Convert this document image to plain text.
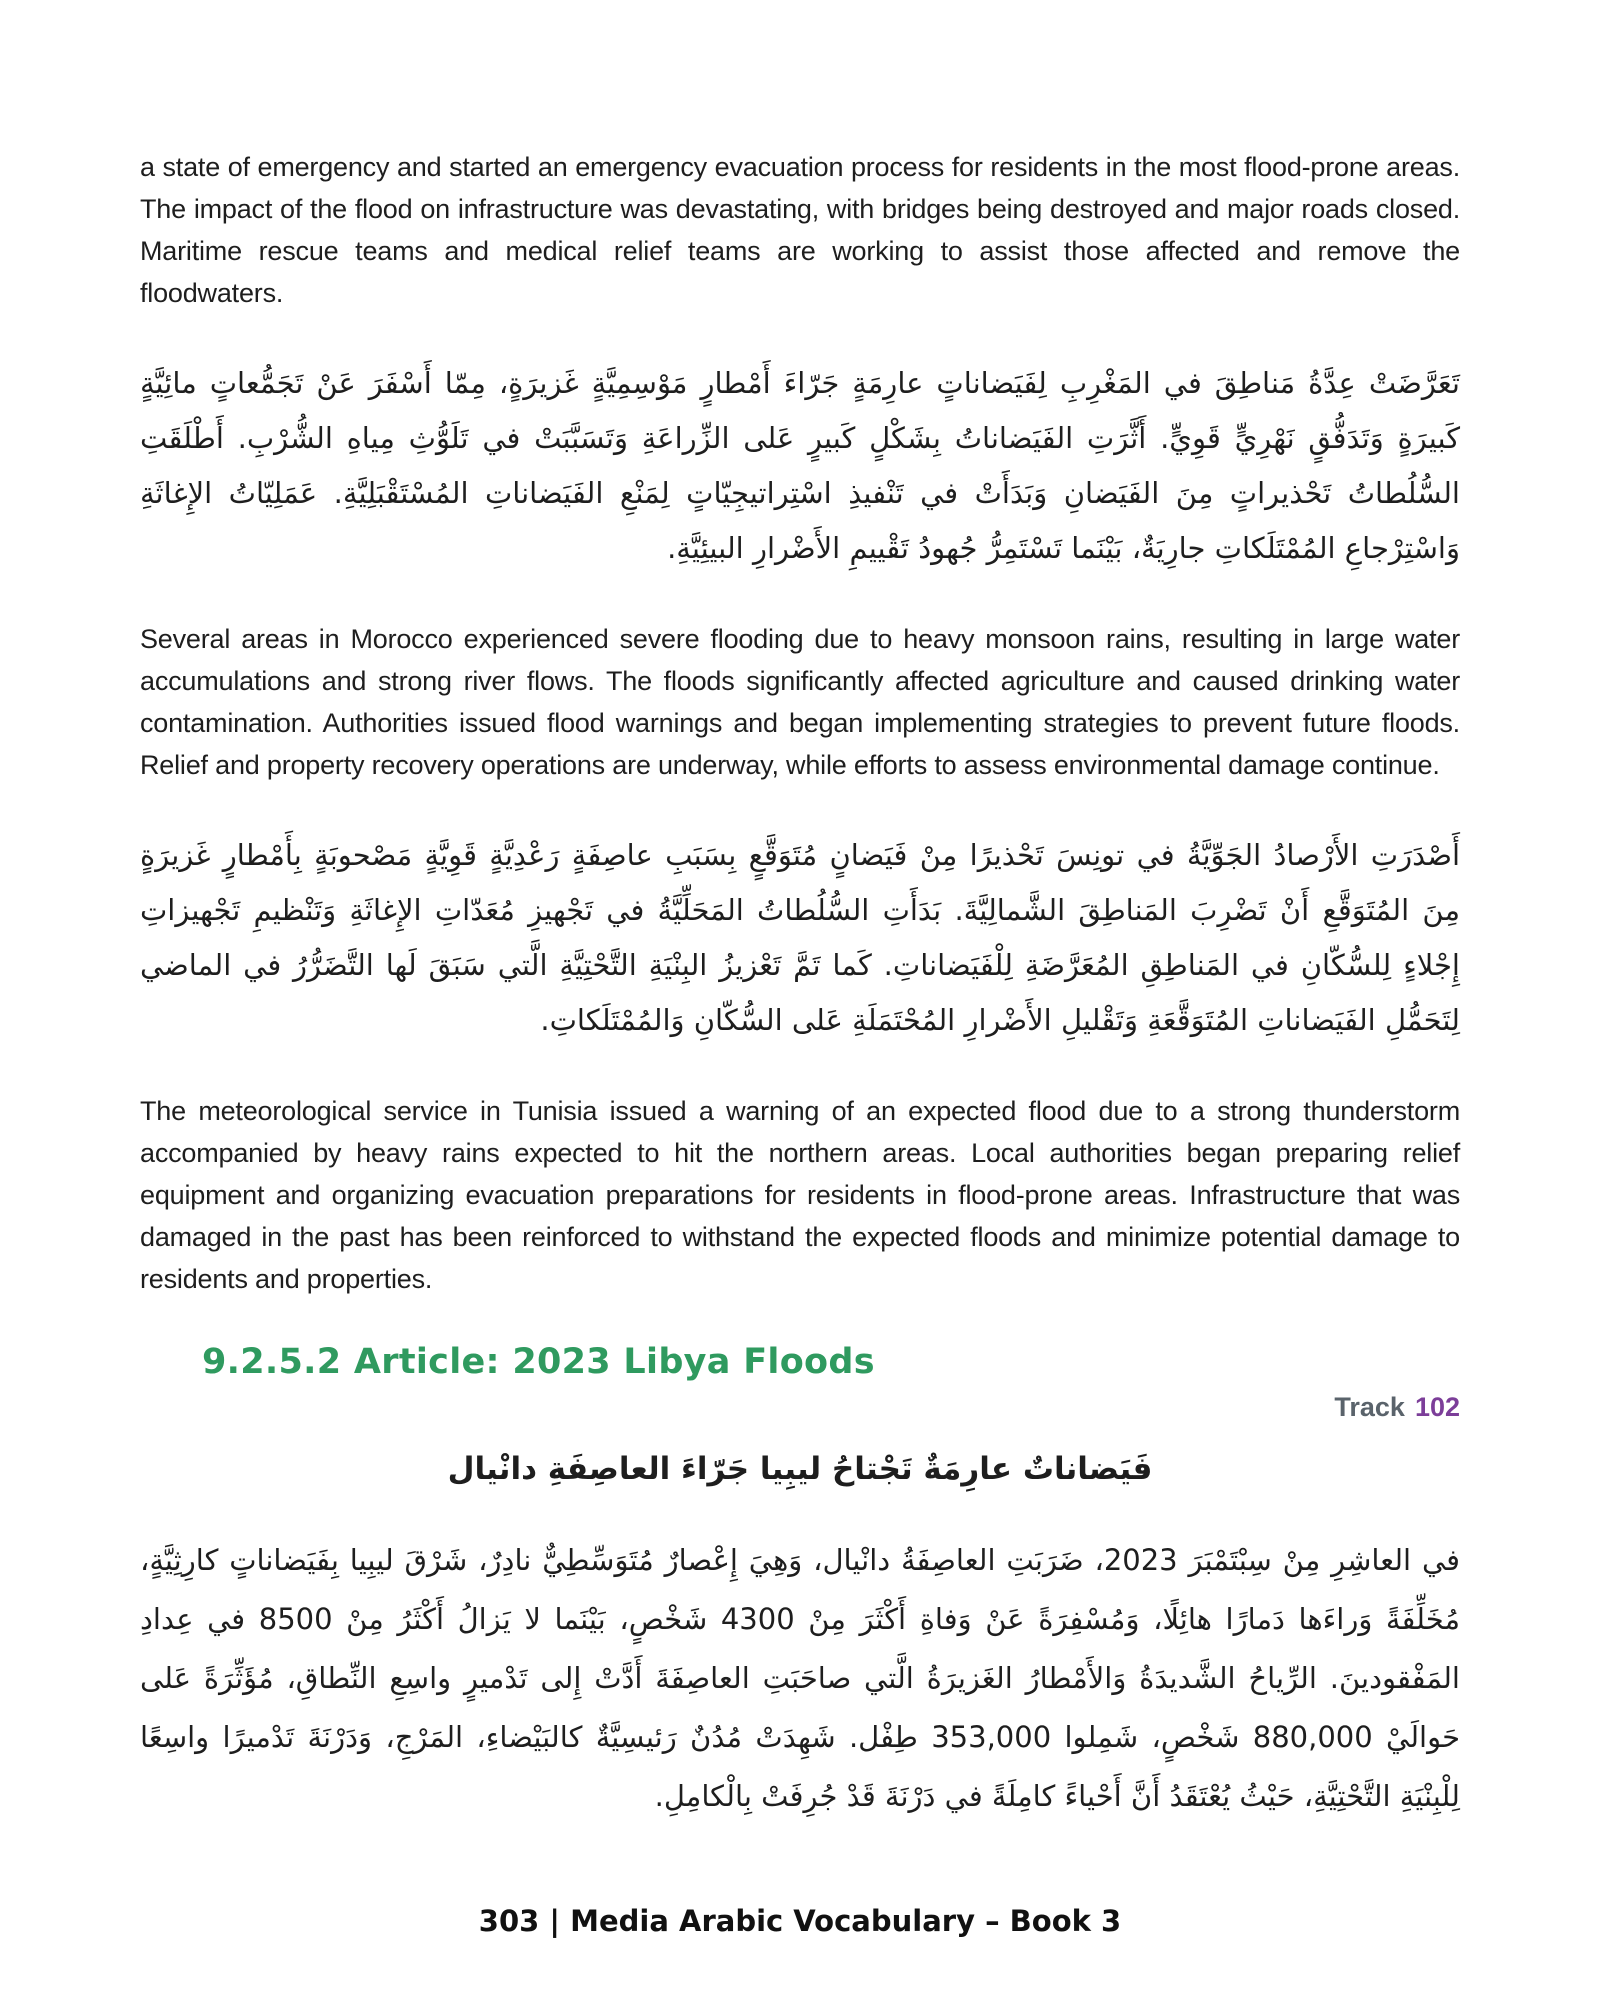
a state of emergency and started an emergency evacuation process for residents in the most flood-prone areas. The impact of the flood on infrastructure was devastating, with bridges being destroyed and major roads closed. Maritime rescue teams and medical relief teams are working to assist those affected and remove the floodwaters.

تَعَرَّضَتْ عِدَّةُ مَناطِقَ في المَغْرِبِ لِفَيَضاناتٍ عارِمَةٍ جَرّاءَ أَمْطارٍ مَوْسِمِيَّةٍ غَزيرَةٍ، مِمّا أَسْفَرَ عَنْ تَجَمُّعاتٍ مائِيَّةٍ كَبيرَةٍ وَتَدَفُّقٍ نَهْرِيٍّ قَوِيٍّ. أَثَّرَتِ الفَيَضاناتُ بِشَكْلٍ كَبيرٍ عَلى الزِّراعَةِ وَتَسَبَّبَتْ في تَلَوُّثِ مِياهِ الشُّرْبِ. أَطْلَقَتِ السُّلُطاتُ تَحْذيراتٍ مِنَ الفَيَضانِ وَبَدَأَتْ في تَنْفيذِ اسْتِراتيجِيّاتٍ لِمَنْعِ الفَيَضاناتِ المُسْتَقْبَلِيَّةِ. عَمَلِيّاتُ الإِغاثَةِ وَاسْتِرْجاعِ المُمْتَلَكاتِ جارِيَةٌ، بَيْنَما تَسْتَمِرُّ جُهودُ تَقْييمِ الأَضْرارِ البيئِيَّةِ.

Several areas in Morocco experienced severe flooding due to heavy monsoon rains, resulting in large water accumulations and strong river flows. The floods significantly affected agriculture and caused drinking water contamination. Authorities issued flood warnings and began implementing strategies to prevent future floods. Relief and property recovery operations are underway, while efforts to assess environmental damage continue.

أَصْدَرَتِ الأَرْصادُ الجَوِّيَّةُ في تونِسَ تَحْذيرًا مِنْ فَيَضانٍ مُتَوَقَّعٍ بِسَبَبِ عاصِفَةٍ رَعْدِيَّةٍ قَوِيَّةٍ مَصْحوبَةٍ بِأَمْطارٍ غَزيرَةٍ مِنَ المُتَوَقَّعِ أَنْ تَضْرِبَ المَناطِقَ الشَّمالِيَّةَ. بَدَأَتِ السُّلُطاتُ المَحَلِّيَّةُ في تَجْهيزِ مُعَدّاتِ الإِغاثَةِ وَتَنْظيمِ تَجْهيزاتِ إِجْلاءٍ لِلسُّكّانِ في المَناطِقِ المُعَرَّضَةِ لِلْفَيَضاناتِ. كَما تَمَّ تَعْزيزُ البِنْيَةِ التَّحْتِيَّةِ الَّتي سَبَقَ لَها التَّضَرُّرُ في الماضي لِتَحَمُّلِ الفَيَضاناتِ المُتَوَقَّعَةِ وَتَقْليلِ الأَضْرارِ المُحْتَمَلَةِ عَلى السُّكّانِ وَالمُمْتَلَكاتِ.

The meteorological service in Tunisia issued a warning of an expected flood due to a strong thunderstorm accompanied by heavy rains expected to hit the northern areas. Local authorities began preparing relief equipment and organizing evacuation preparations for residents in flood-prone areas. Infrastructure that was damaged in the past has been reinforced to withstand the expected floods and minimize potential damage to residents and properties.

9.2.5.2 Article: 2023 Libya Floods
Track 102
فَيَضاناتٌ عارِمَةٌ تَجْتاحُ ليبِيا جَرّاءَ العاصِفَةِ دانْيال

في العاشِرِ مِنْ سِبْتَمْبَرَ 2023، ضَرَبَتِ العاصِفَةُ دانْيال، وَهِيَ إِعْصارٌ مُتَوَسِّطِيٌّ نادِرٌ، شَرْقَ ليبِيا بِفَيَضاناتٍ كارِثِيَّةٍ، مُخَلِّفَةً وَراءَها دَمارًا هائِلًا، وَمُسْفِرَةً عَنْ وَفاةِ أَكْثَرَ مِنْ 4300 شَخْصٍ، بَيْنَما لا يَزالُ أَكْثَرُ مِنْ 8500 في عِدادِ المَفْقودينَ. الرِّياحُ الشَّديدَةُ وَالأَمْطارُ الغَزيرَةُ الَّتي صاحَبَتِ العاصِفَةَ أَدَّتْ إِلى تَدْميرٍ واسِعِ النِّطاقِ، مُؤَثِّرَةً عَلى حَوالَيْ 880,000 شَخْصٍ، شَمِلوا 353,000 طِفْل. شَهِدَتْ مُدُنٌ رَئيسِيَّةٌ كالبَيْضاءِ، المَرْجِ، وَدَرْنَةَ تَدْميرًا واسِعًا لِلْبِنْيَةِ التَّحْتِيَّةِ، حَيْثُ يُعْتَقَدُ أَنَّ أَحْياءً كامِلَةً في دَرْنَةَ قَدْ جُرِفَتْ بِالْكامِلِ.

303 | Media Arabic Vocabulary – Book 3
